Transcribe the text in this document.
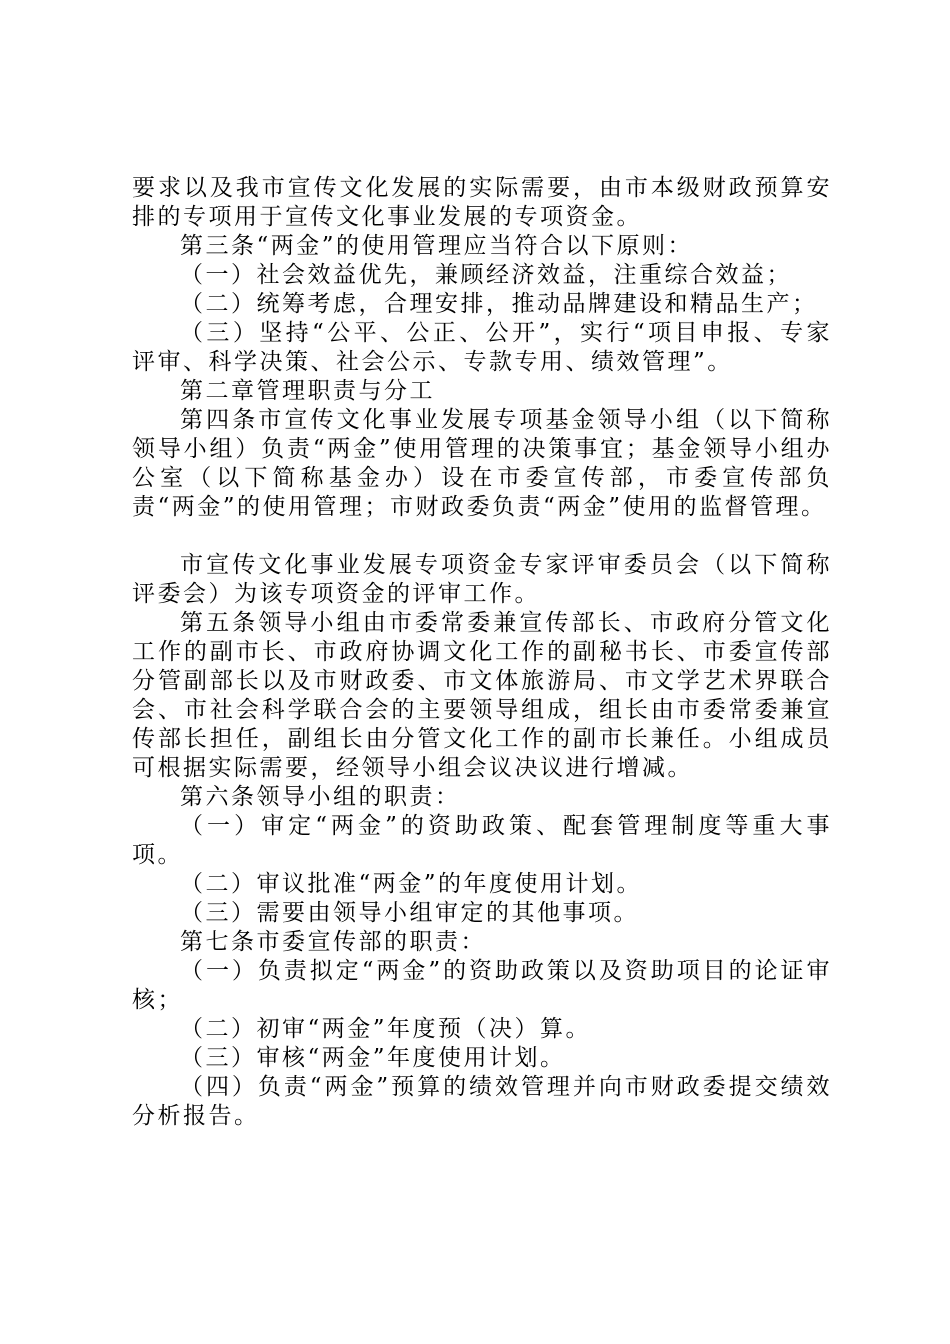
要求以及我市宣传文化发展的实际需要，由市本级财政预算安排的专项用于宣传文化事业发展的专项资金。

第三条“两金”的使用管理应当符合以下原则：

（一）社会效益优先，兼顾经济效益，注重综合效益；

（二）统筹考虑，合理安排，推动品牌建设和精品生产；

（三）坚持“公平、公正、公开”，实行“项目申报、专家评审、科学决策、社会公示、专款专用、绩效管理”。

第二章管理职责与分工

第四条市宣传文化事业发展专项基金领导小组（以下简称领导小组）负责“两金”使用管理的决策事宜；基金领导小组办公室（以下简称基金办）设在市委宣传部，市委宣传部负责“两金”的使用管理；市财政委负责“两金”使用的监督管理。

市宣传文化事业发展专项资金专家评审委员会（以下简称评委会）为该专项资金的评审工作。

第五条领导小组由市委常委兼宣传部长、市政府分管文化工作的副市长、市政府协调文化工作的副秘书长、市委宣传部分管副部长以及市财政委、市文体旅游局、市文学艺术界联合会、市社会科学联合会的主要领导组成，组长由市委常委兼宣传部长担任，副组长由分管文化工作的副市长兼任。小组成员可根据实际需要，经领导小组会议决议进行增减。

第六条领导小组的职责：

（一）审定“两金”的资助政策、配套管理制度等重大事项。

（二）审议批准“两金”的年度使用计划。

（三）需要由领导小组审定的其他事项。

第七条市委宣传部的职责：

（一）负责拟定“两金”的资助政策以及资助项目的论证审核；

（二）初审“两金”年度预（决）算。

（三）审核“两金”年度使用计划。

（四）负责“两金”预算的绩效管理并向市财政委提交绩效分析报告。
